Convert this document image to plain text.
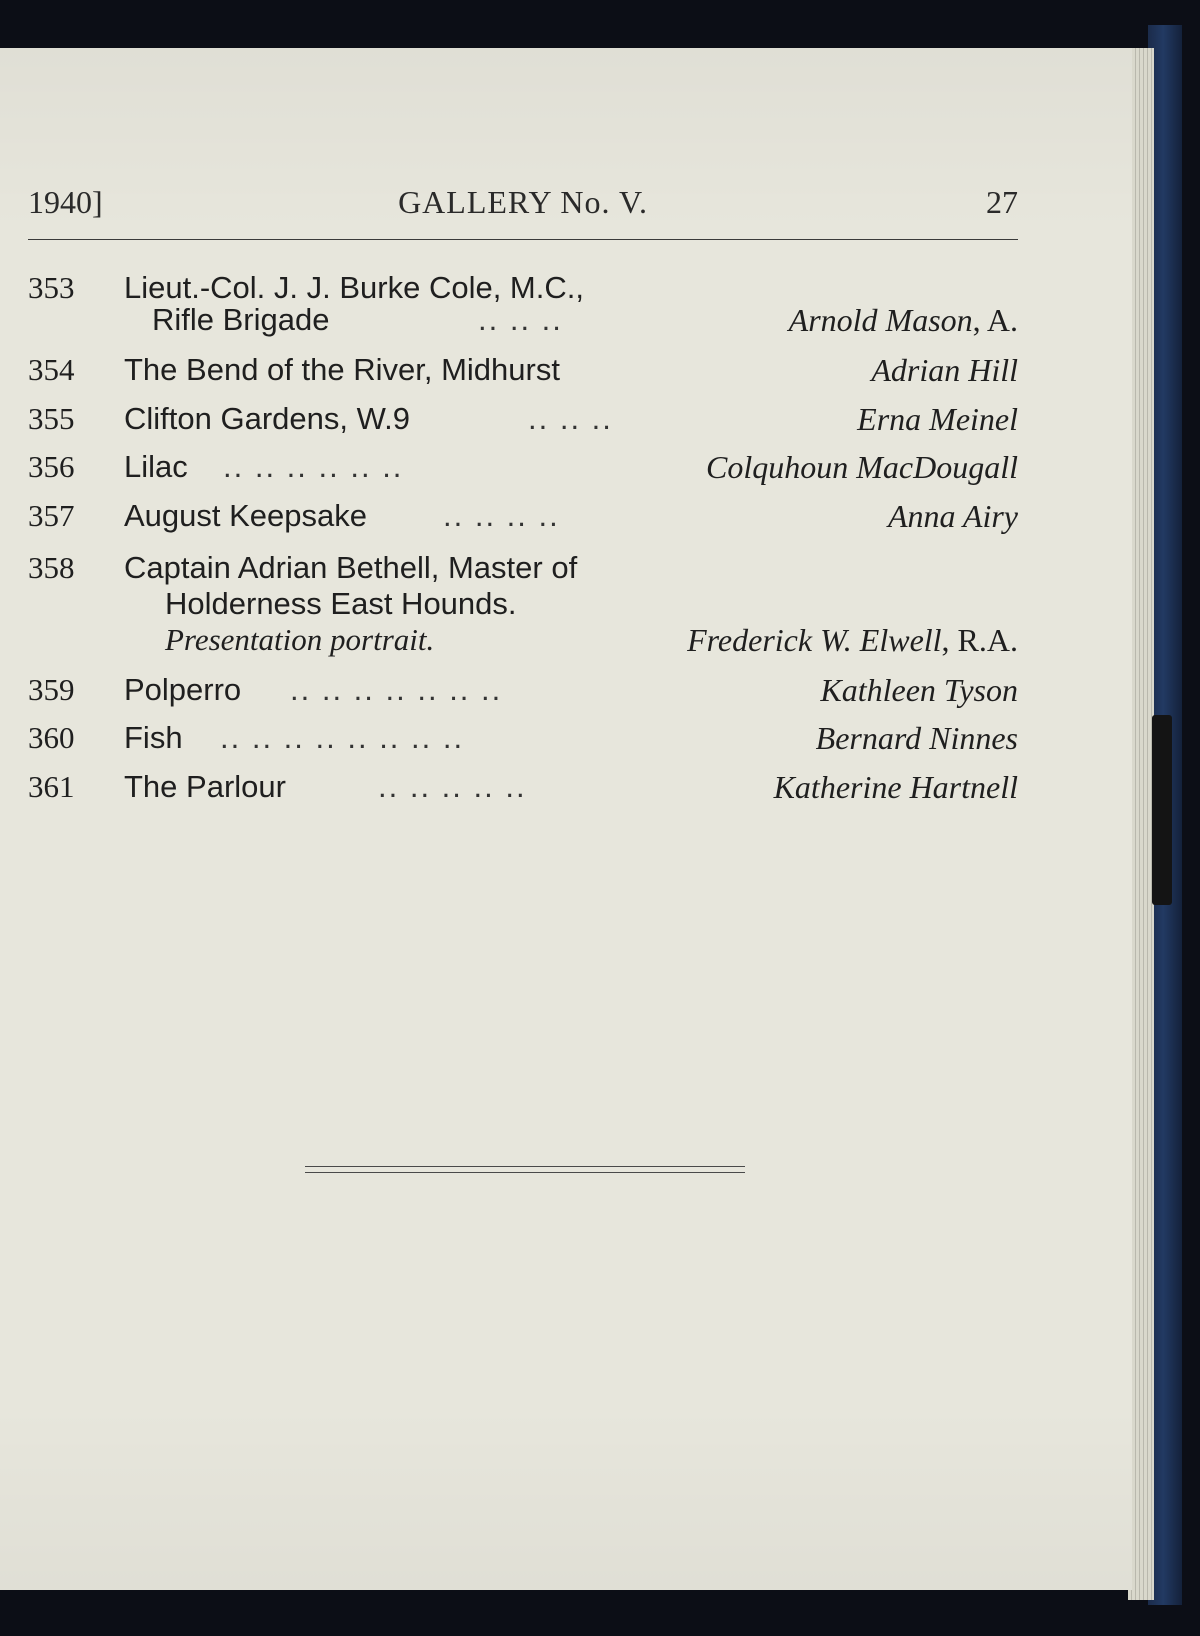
GALLERY No. V.
1940]	27
353	Lieut.-Col. J. J. Burke Cole, M.C.,
Rifle Brigade	.. .. ..	Arnold Mason, A.
354	The Bend of the River, Midhurst	Adrian Hill
355	Clifton Gardens, W.9	.. .. ..	Erna Meinel
356	Lilac .. .. .. .. .. ..	Colquhoun MacDougall
357	August Keepsake .. .. .. ..	Anna Airy
358	Captain Adrian Bethell, Master of
Holderness East Hounds.
Presentation portrait.	Frederick W. Elwell, R.A.
359	Polperro .. .. .. .. .. .. ..	Kathleen Tyson
360	Fish .. .. .. .. .. .. .. ..	Bernard Ninnes
361	The Parlour	.. .. .. .. ..	Katherine Hartnell
